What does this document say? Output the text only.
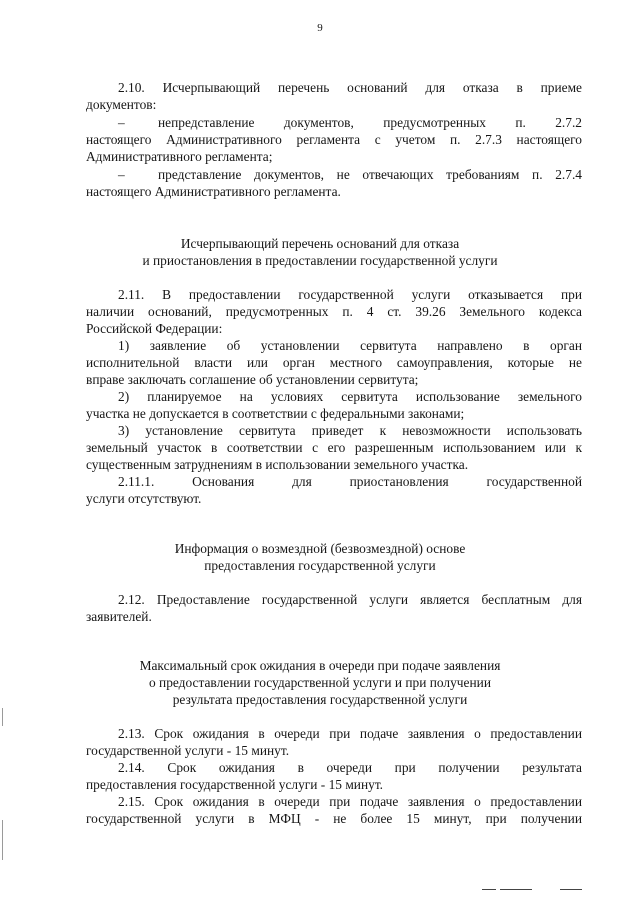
9
2.10. Исчерпывающий перечень оснований для отказа в приеме
документов:
– непредставление документов, предусмотренных п. 2.7.2
настоящего Административного регламента с учетом п. 2.7.3 настоящего
Административного регламента;
– представление документов, не отвечающих требованиям п. 2.7.4
настоящего Административного регламента.
Исчерпывающий перечень оснований для отказа
и приостановления в предоставлении государственной услуги
2.11. В предоставлении государственной услуги отказывается при
наличии оснований, предусмотренных п. 4 ст. 39.26 Земельного кодекса
Российской Федерации:
1) заявление об установлении сервитута направлено в орган
исполнительной власти или орган местного самоуправления, которые не
вправе заключать соглашение об установлении сервитута;
2) планируемое на условиях сервитута использование земельного
участка не допускается в соответствии с федеральными законами;
3) установление сервитута приведет к невозможности использовать
земельный участок в соответствии с его разрешенным использованием или к
существенным затруднениям в использовании земельного участка.
2.11.1. Основания для приостановления государственной
услуги отсутствуют.
Информация о возмездной (безвозмездной) основе
предоставления государственной услуги
2.12. Предоставление государственной услуги является бесплатным для
заявителей.
Максимальный срок ожидания в очереди при подаче заявления
о предоставлении государственной услуги и при получении
результата предоставления государственной услуги
2.13. Срок ожидания в очереди при подаче заявления о предоставлении
государственной услуги - 15 минут.
2.14. Срок ожидания в очереди при получении результата
предоставления государственной услуги - 15 минут.
2.15. Срок ожидания в очереди при подаче заявления о предоставлении
государственной услуги в МФЦ - не более 15 минут, при получении
